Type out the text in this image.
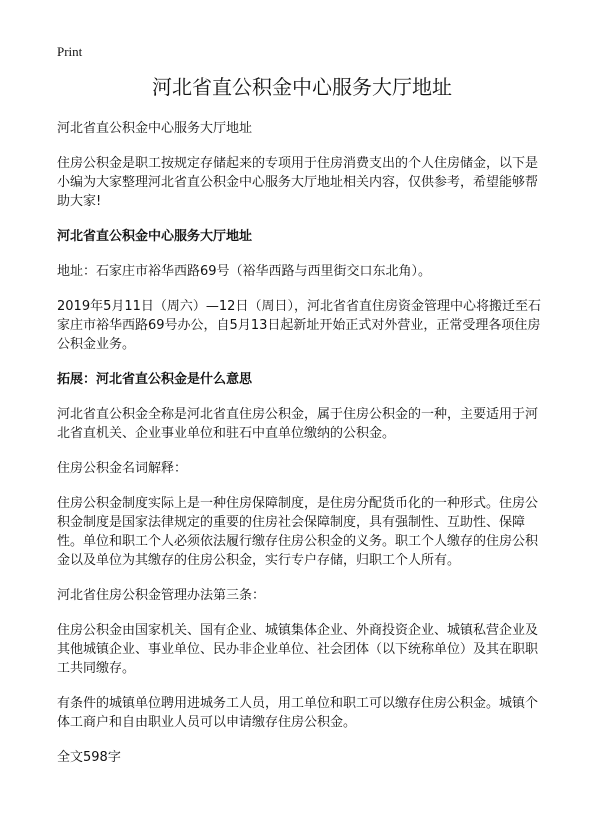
Print
河北省直公积金中心服务大厅地址
河北省直公积金中心服务大厅地址
住房公积金是职工按规定存储起来的专项用于住房消费支出的个人住房储金，以下是小编为大家整理河北省直公积金中心服务大厅地址相关内容，仅供参考，希望能够帮助大家!
河北省直公积金中心服务大厅地址
地址：石家庄市裕华西路69号（裕华西路与西里街交口东北角）。
2019年5月11日（周六）—12日（周日），河北省省直住房资金管理中心将搬迁至石家庄市裕华西路69号办公，自5月13日起新址开始正式对外营业，正常受理各项住房公积金业务。
拓展：河北省直公积金是什么意思
河北省直公积金全称是河北省直住房公积金，属于住房公积金的一种，主要适用于河北省直机关、企业事业单位和驻石中直单位缴纳的公积金。
住房公积金名词解释：
住房公积金制度实际上是一种住房保障制度，是住房分配货币化的一种形式。住房公积金制度是国家法律规定的重要的住房社会保障制度，具有强制性、互助性、保障性。单位和职工个人必须依法履行缴存住房公积金的义务。职工个人缴存的住房公积金以及单位为其缴存的住房公积金，实行专户存储，归职工个人所有。
河北省住房公积金管理办法第三条：
住房公积金由国家机关、国有企业、城镇集体企业、外商投资企业、城镇私营企业及其他城镇企业、事业单位、民办非企业单位、社会团体（以下统称单位）及其在职职工共同缴存。
有条件的城镇单位聘用进城务工人员，用工单位和职工可以缴存住房公积金。城镇个体工商户和自由职业人员可以申请缴存住房公积金。
全文598字
